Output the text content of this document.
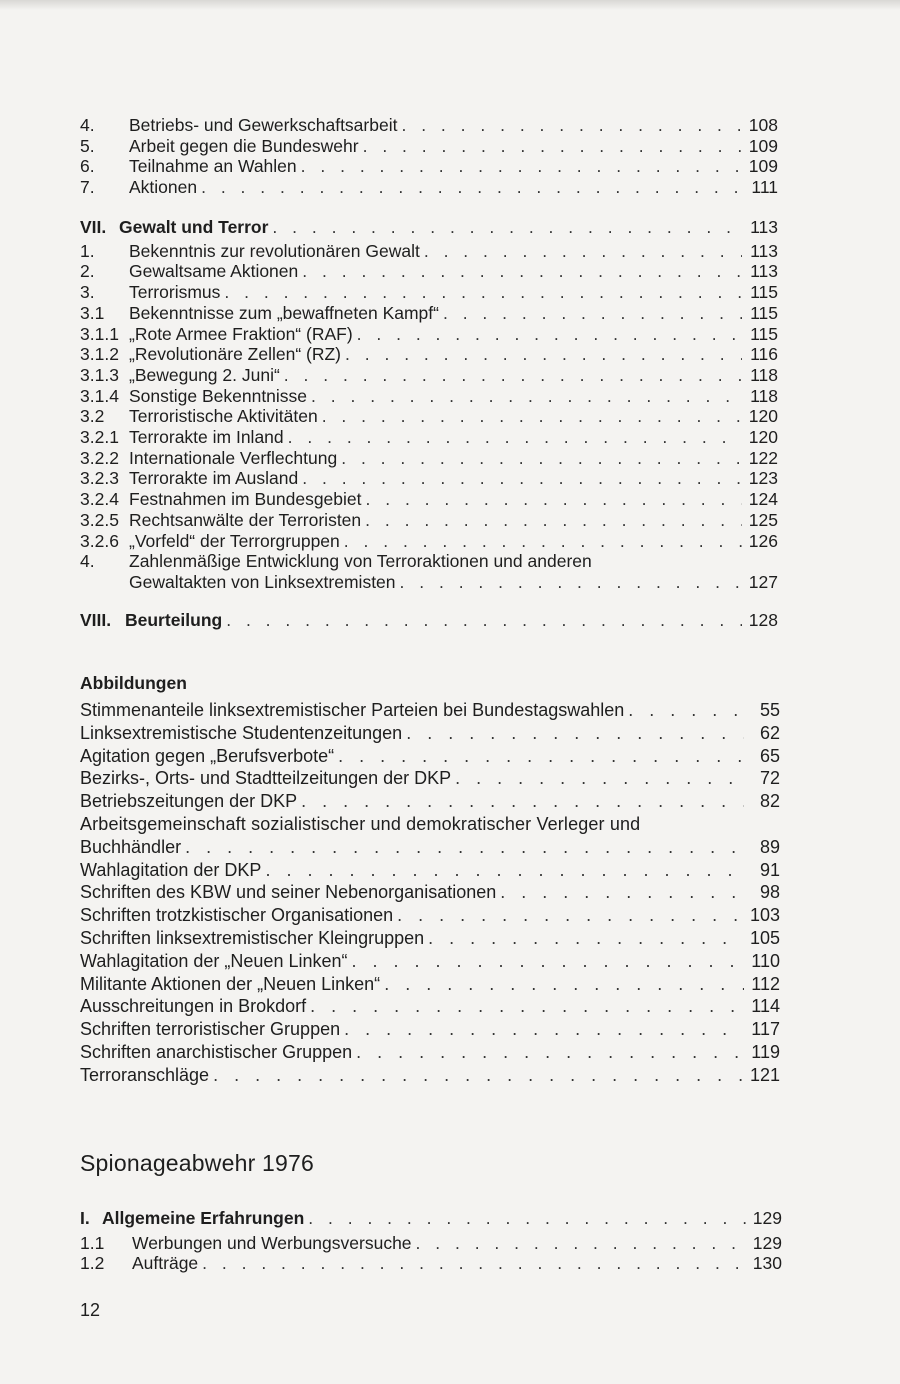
4.	Betriebs- und Gewerkschaftsarbeit . . .	108
5.	Arbeit gegen die Bundeswehr . . .	109
6.	Teilnahme an Wahlen . . .	109
7.	Aktionen . . .	111
VII. Gewalt und Terror . . .	113
1.	Bekenntnis zur revolutionären Gewalt . . .	113
2.	Gewaltsame Aktionen . . .	113
3.	Terrorismus . . .	115
3.1	Bekenntnisse zum „bewaffneten Kampf“ . . .	115
3.1.1 „Rote Armee Fraktion“ (RAF) . . .	115
3.1.2 „Revolutionäre Zellen“ (RZ) . . .	116
3.1.3 „Bewegung 2. Juni“ . . .	118
3.1.4 Sonstige Bekenntnisse . . .	118
3.2	Terroristische Aktivitäten . . .	120
3.2.1 Terrorakte im Inland . . .	120
3.2.2 Internationale Verflechtung . . .	122
3.2.3 Terrorakte im Ausland . . .	123
3.2.4 Festnahmen im Bundesgebiet . . .	124
3.2.5 Rechtsanwälte der Terroristen . . .	125
3.2.6 „Vorfeld“ der Terrorgruppen . . .	126
4.	Zahlenmäßige Entwicklung von Terroraktionen und anderen
Gewaltakten von Linksextremisten . . .	127
VIII. Beurteilung . . .	128
Abbildungen
Stimmenanteile linksextremistischer Parteien bei Bundestagswahlen . . .	55
Linksextremistische Studentenzeitungen . . .	62
Agitation gegen „Berufsverbote“ . . .	65
Bezirks-, Orts- und Stadtteilzeitungen der DKP . . .	72
Betriebszeitungen der DKP . . .	82
Arbeitsgemeinschaft sozialistischer und demokratischer Verleger und
Buchhändler . . .	89
Wahlagitation der DKP . . .	91
Schriften des KBW und seiner Nebenorganisationen . . .	98
Schriften trotzkistischer Organisationen . . .	103
Schriften linksextremistischer Kleingruppen . . .	105
Wahlagitation der „Neuen Linken“ . . .	110
Militante Aktionen der „Neuen Linken“ . . .	112
Ausschreitungen in Brokdorf . . .	114
Schriften terroristischer Gruppen . . .	117
Schriften anarchistischer Gruppen . . .	119
Terroranschläge . . .	121
Spionageabwehr 1976
I. Allgemeine Erfahrungen . . .	129
1.1	Werbungen und Werbungsversuche . . .	129
1.2	Aufträge . . .	130
12
